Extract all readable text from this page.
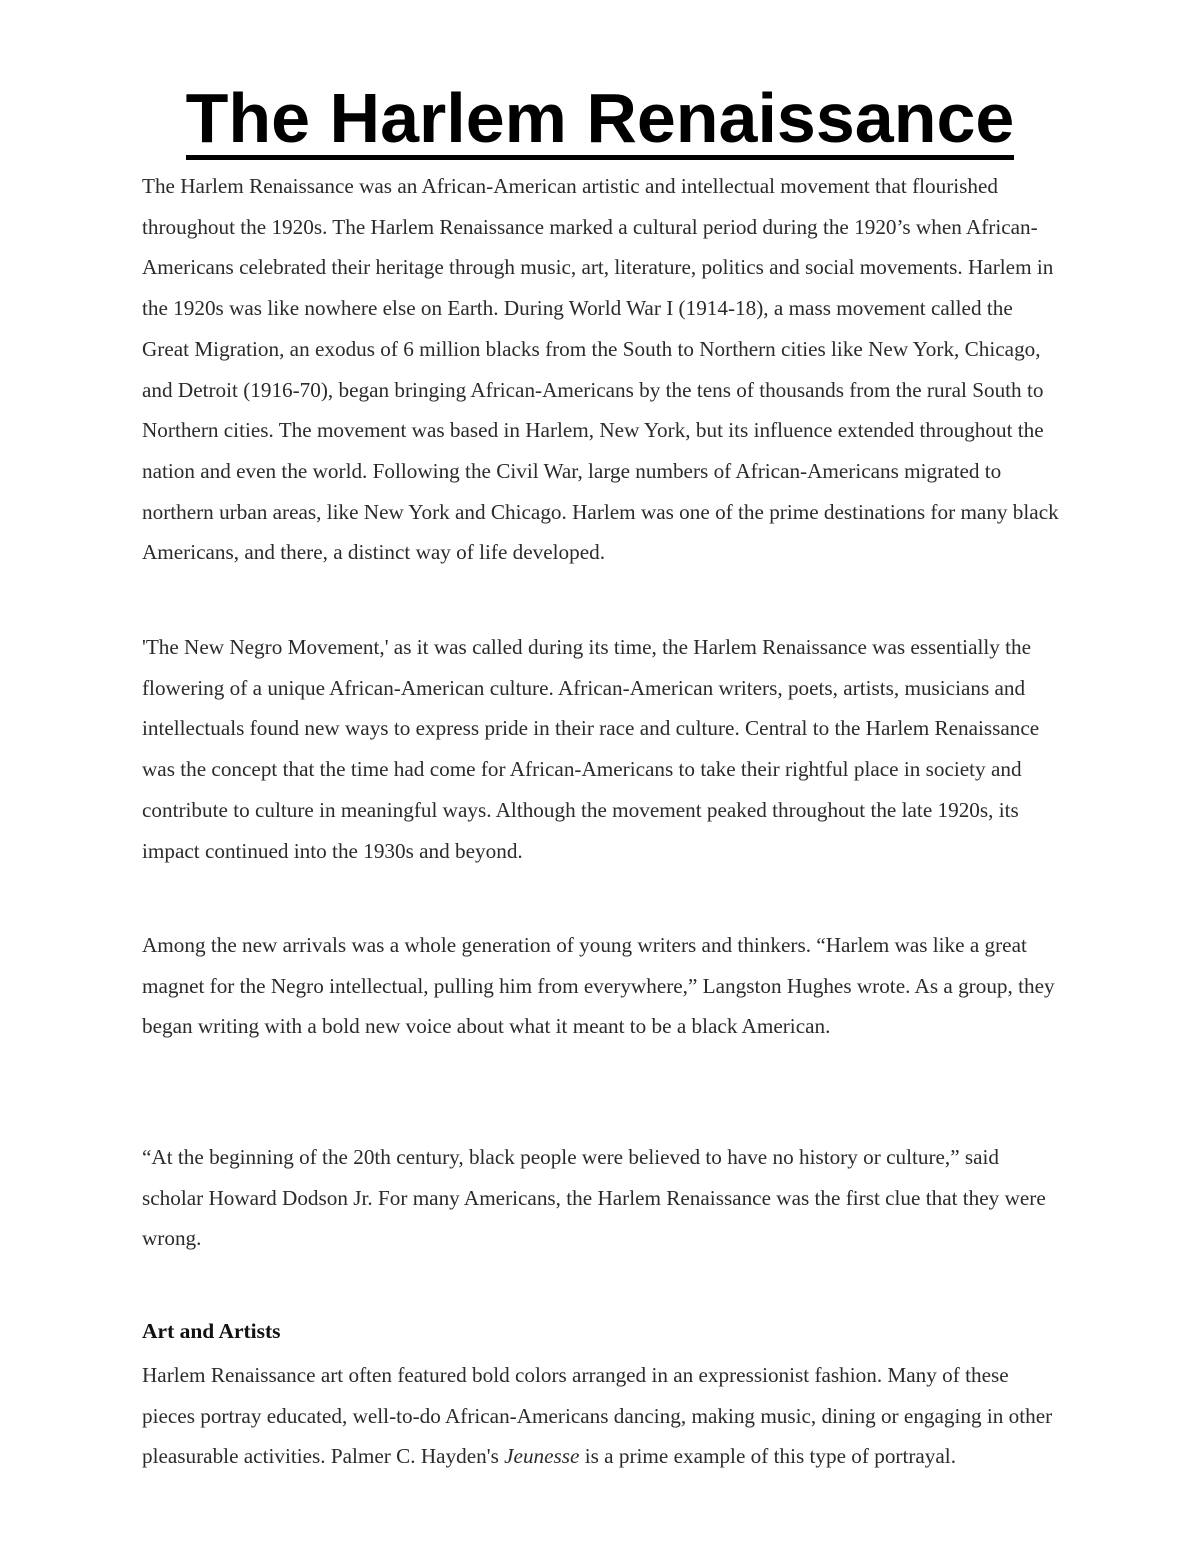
The Harlem Renaissance

The Harlem Renaissance was an African-American artistic and intellectual movement that flourished throughout the 1920s. The Harlem Renaissance marked a cultural period during the 1920’s when African-Americans celebrated their heritage through music, art, literature, politics and social movements. Harlem in the 1920s was like nowhere else on Earth. During World War I (1914-18), a mass movement called the Great Migration, an exodus of 6 million blacks from the South to Northern cities like New York, Chicago, and Detroit (1916-70), began bringing African-Americans by the tens of thousands from the rural South to Northern cities. The movement was based in Harlem, New York, but its influence extended throughout the nation and even the world. Following the Civil War, large numbers of African-Americans migrated to northern urban areas, like New York and Chicago. Harlem was one of the prime destinations for many black Americans, and there, a distinct way of life developed.

'The New Negro Movement,' as it was called during its time, the Harlem Renaissance was essentially the flowering of a unique African-American culture. African-American writers, poets, artists, musicians and intellectuals found new ways to express pride in their race and culture. Central to the Harlem Renaissance was the concept that the time had come for African-Americans to take their rightful place in society and contribute to culture in meaningful ways. Although the movement peaked throughout the late 1920s, its impact continued into the 1930s and beyond.

Among the new arrivals was a whole generation of young writers and thinkers. “Harlem was like a great magnet for the Negro intellectual, pulling him from everywhere,” Langston Hughes wrote. As a group, they began writing with a bold new voice about what it meant to be a black American.

“At the beginning of the 20th century, black people were believed to have no history or culture,” said scholar Howard Dodson Jr. For many Americans, the Harlem Renaissance was the first clue that they were wrong.

Art and Artists

Harlem Renaissance art often featured bold colors arranged in an expressionist fashion. Many of these pieces portray educated, well-to-do African-Americans dancing, making music, dining or engaging in other pleasurable activities. Palmer C. Hayden's Jeunesse is a prime example of this type of portrayal.
